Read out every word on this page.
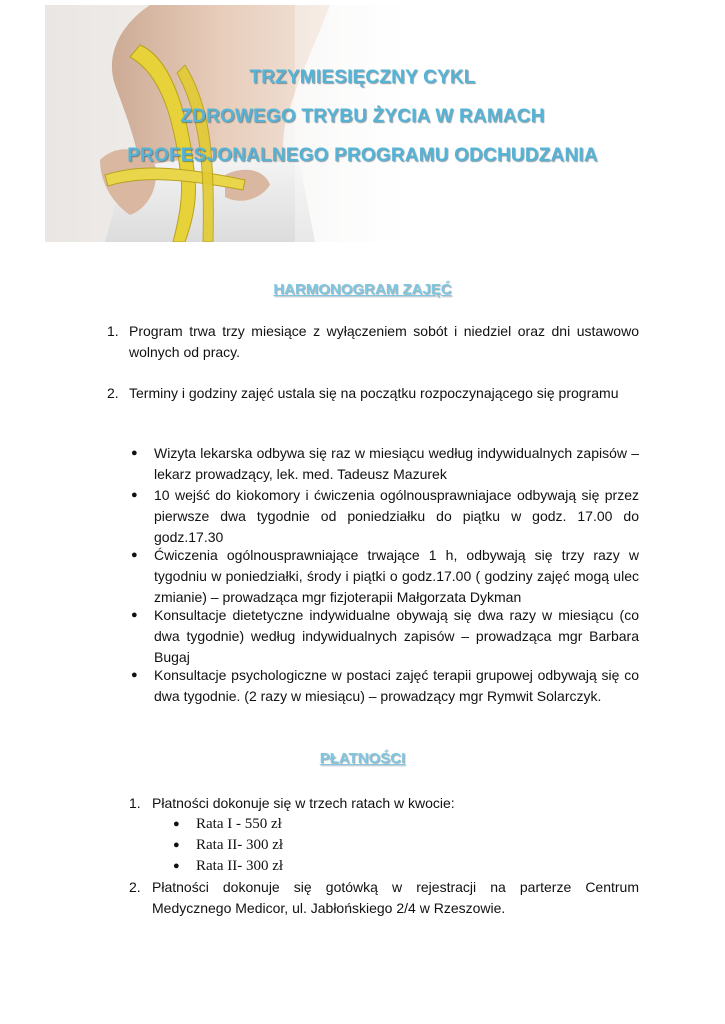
TRZYMIESIĘCZNY CYKL
ZDROWEGO TRYBU ŻYCIA W RAMACH
PROFESJONALNEGO PROGRAMU ODCHUDZANIA
HARMONOGRAM ZAJĘĆ
1. Program trwa trzy miesiące z wyłączeniem sobót i niedziel oraz dni ustawowo wolnych od pracy.
2. Terminy i godziny zajęć ustala się na początku rozpoczynającego się programu
● Wizyta lekarska odbywa się raz w miesiącu według indywidualnych zapisów – lekarz prowadzący, lek. med. Tadeusz Mazurek
● 10 wejść do kiokomory i ćwiczenia ogólnousprawniajace odbywają się przez pierwsze dwa tygodnie od poniedziałku do piątku w godz. 17.00 do godz.17.30
● Ćwiczenia ogólnousprawniające trwające 1 h, odbywają się trzy razy w tygodniu w poniedziałki, środy i piątki o godz.17.00 ( godziny zajęć mogą ulec zmianie) – prowadząca mgr fizjoterapii Małgorzata Dykman
● Konsultacje dietetyczne indywidualne obywają się dwa razy w miesiącu (co dwa tygodnie) według indywidualnych zapisów – prowadząca mgr Barbara Bugaj
● Konsultacje psychologiczne w postaci zajęć terapii grupowej odbywają się co dwa tygodnie. (2 razy w miesiącu) – prowadzący mgr Rymwit Solarczyk.
PŁATNOŚCI
1. Płatności dokonuje się w trzech ratach w kwocie:
● Rata I - 550 zł
● Rata II- 300 zł
● Rata II- 300 zł
2. Płatności dokonuje się gotówką w rejestracji na parterze Centrum Medycznego Medicor, ul. Jabłońskiego 2/4 w Rzeszowie.
